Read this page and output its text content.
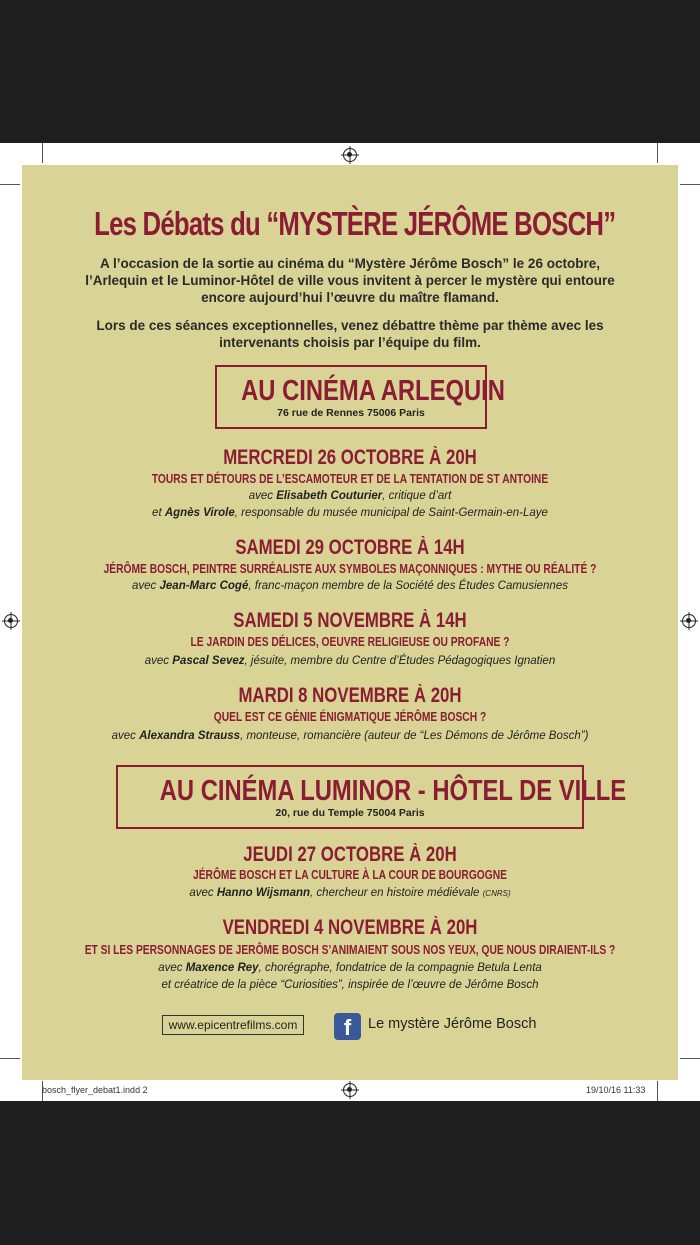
Les Débats du “MYSTÈRE JÉRÔME BOSCH”
A l’occasion de la sortie au cinéma du “Mystère Jérôme Bosch” le 26 octobre,
l’Arlequin et le Luminor-Hôtel de ville vous invitent à percer le mystère qui entoure
encore aujourd’hui l’œuvre du maître flamand.
Lors de ces séances exceptionnelles, venez débattre thème par thème avec les
intervenants choisis par l’équipe du film.
AU CINÉMA ARLEQUIN
76 rue de Rennes 75006 Paris
MERCREDI 26 OCTOBRE À 20H
TOURS ET DÉTOURS DE L’ESCAMOTEUR ET DE LA TENTATION DE ST ANTOINE
avec Elisabeth Couturier, critique d’art
et Agnès Virole, responsable du musée municipal de Saint-Germain-en-Laye
SAMEDI 29 OCTOBRE À 14H
JÉRÔME BOSCH, PEINTRE SURRÉALISTE AUX SYMBOLES MAÇONNIQUES : MYTHE OU RÉALITÉ ?
avec Jean-Marc Cogé, franc-maçon membre de la Société des Études Camusiennes
SAMEDI 5 NOVEMBRE À 14H
LE JARDIN DES DÉLICES, OEUVRE RELIGIEUSE OU PROFANE ?
avec Pascal Sevez, jésuite, membre du Centre d’Études Pédagogiques Ignatien
MARDI 8 NOVEMBRE À 20H
QUEL EST CE GÉNIE ÉNIGMATIQUE JÉRÔME BOSCH ?
avec Alexandra Strauss, monteuse, romancière (auteur de “Les Démons de Jérôme Bosch”)
AU CINÉMA LUMINOR - HÔTEL DE VILLE
20, rue du Temple 75004 Paris
JEUDI 27 OCTOBRE À 20H
JÉRÔME BOSCH ET LA CULTURE À LA COUR DE BOURGOGNE
avec Hanno Wijsmann, chercheur en histoire médiévale (CNRS)
VENDREDI 4 NOVEMBRE À 20H
ET SI LES PERSONNAGES DE JERÔME BOSCH S’ANIMAIENT SOUS NOS YEUX, QUE NOUS DIRAIENT-ILS ?
avec Maxence Rey, chorégraphe, fondatrice de la compagnie Betula Lenta
et créatrice de la pièce “Curiosities”, inspirée de l’œuvre de Jérôme Bosch
www.epicentrefilms.com	f	Le mystère Jérôme Bosch
bosch_flyer_debat1.indd 2	19/10/16 11:33
